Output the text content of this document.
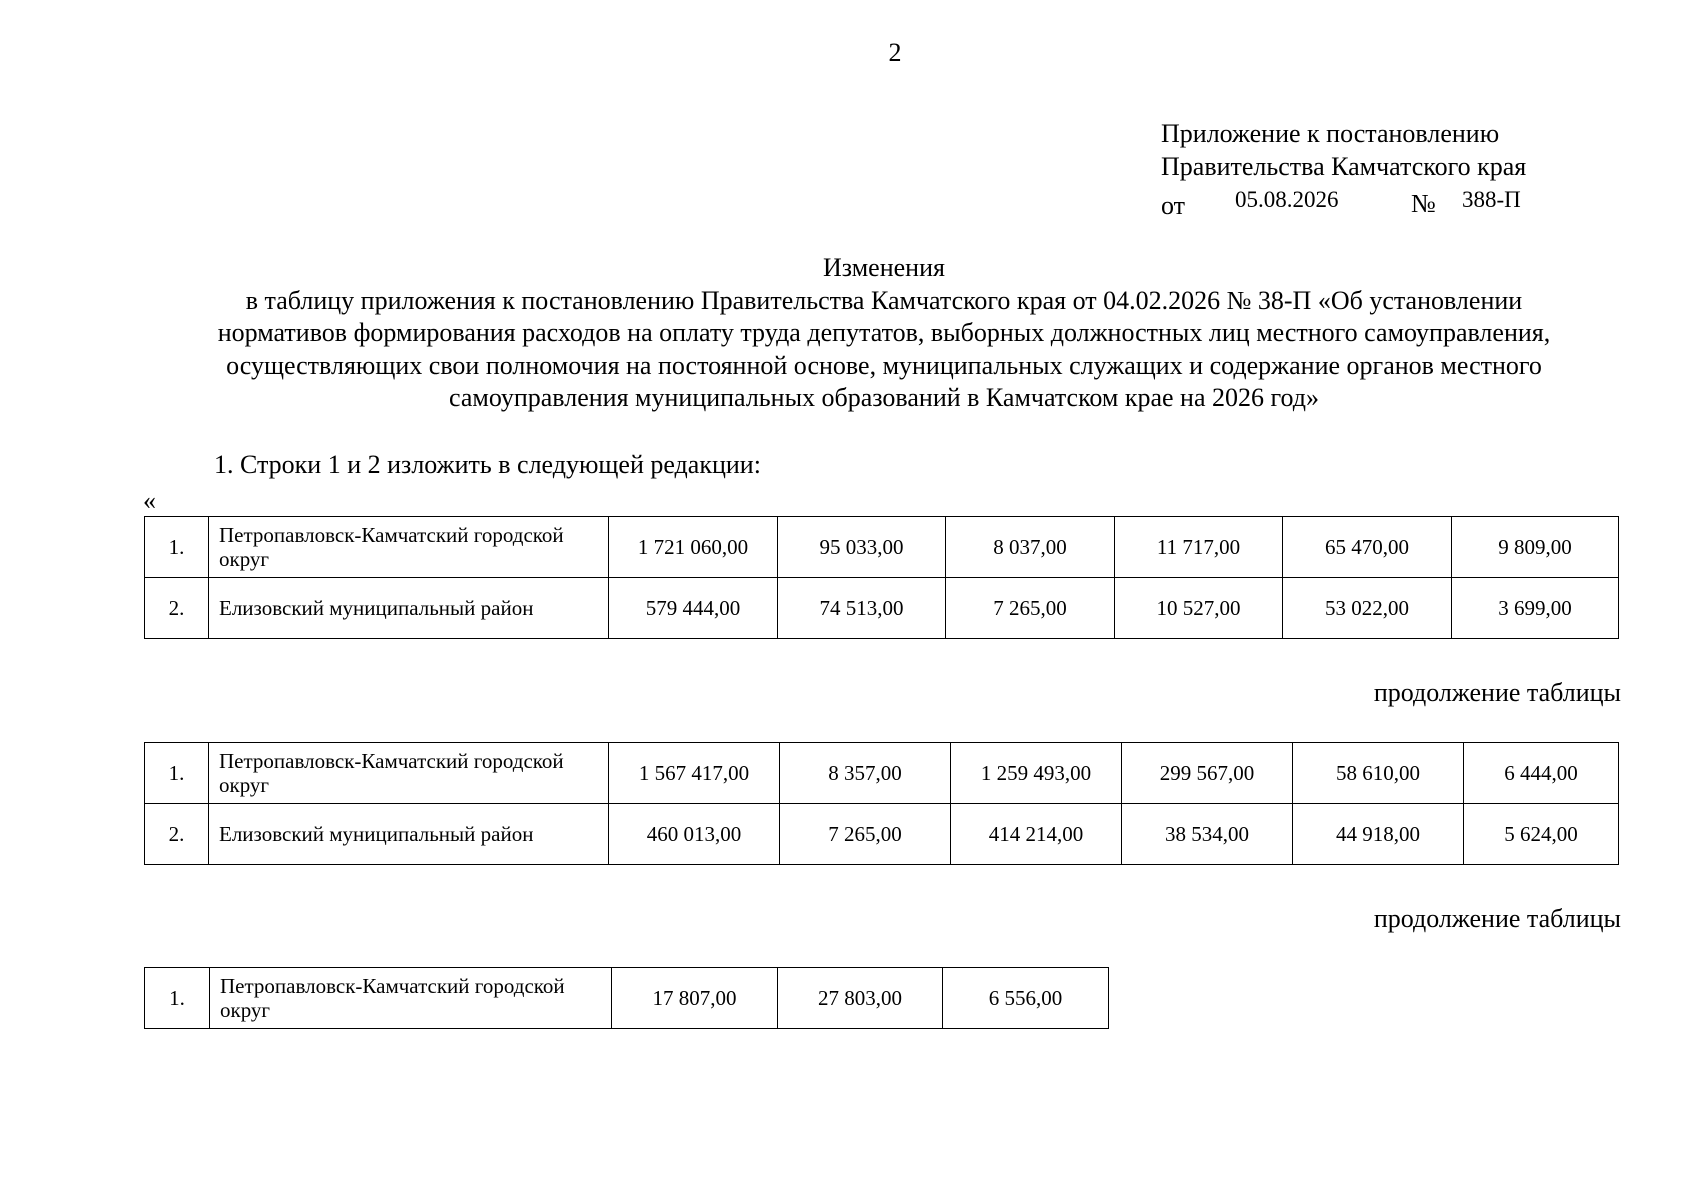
2
Приложение к постановлению
Правительства Камчатского края
от 05.08.2026	№ 388-П
Изменения
в таблицу приложения к постановлению Правительства Камчатского края от 04.02.2026 № 38-П «Об установлении
нормативов формирования расходов на оплату труда депутатов, выборных должностных лиц местного самоуправления,
осуществляющих свои полномочия на постоянной основе, муниципальных служащих и содержание органов местного
самоуправления муниципальных образований в Камчатском крае на 2026 год»
1. Строки 1 и 2 изложить в следующей редакции:
«
1.	Петропавловск-Камчатский городской округ	1 721 060,00	95 033,00	8 037,00	11 717,00	65 470,00	9 809,00
2.	Елизовский муниципальный район	579 444,00	74 513,00	7 265,00	10 527,00	53 022,00	3 699,00
продолжение таблицы
1.	Петропавловск-Камчатский городской округ	1 567 417,00	8 357,00	1 259 493,00	299 567,00	58 610,00	6 444,00
2.	Елизовский муниципальный район	460 013,00	7 265,00	414 214,00	38 534,00	44 918,00	5 624,00
продолжение таблицы
1.	Петропавловск-Камчатский городской округ	17 807,00	27 803,00	6 556,00
